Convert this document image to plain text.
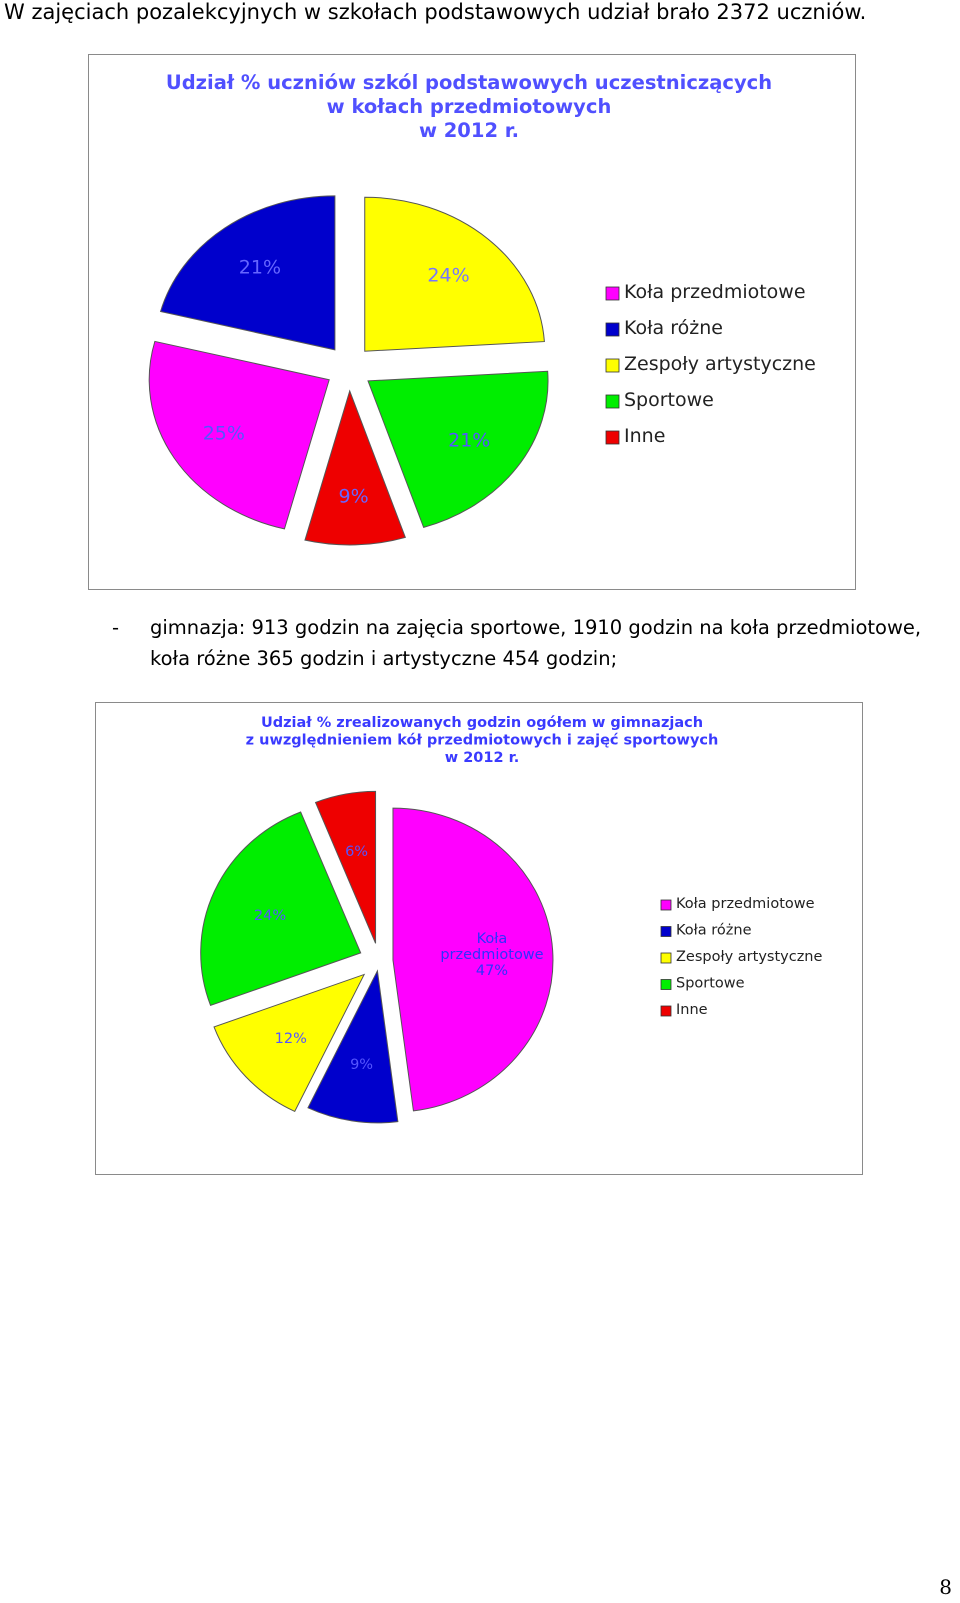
W zajęciach pozalekcyjnych w szkołach podstawowych udział brało 2372 uczniów.
Udział % uczniów szkól podstawowych uczestniczących
w kołach przedmiotowych
w 2012 r.
21%	24%
21%
9%
25%
Koła przedmiotowe
Koła różne
Zespoły artystyczne
Sportowe
Inne
- gimnazja: 913 godzin na zajęcia sportowe, 1910 godzin na koła przedmiotowe,
koła różne 365 godzin i artystyczne 454 godzin;
Udział % zrealizowanych godzin ogółem w gimnazjach
z uwzględnieniem kół przedmiotowych i zajęć sportowych
w 2012 r.
Koła przedmiotowe 47%
9%
12%
24%
6%
Koła przedmiotowe
Koła różne
Zespoły artystyczne
Sportowe
Inne
8
